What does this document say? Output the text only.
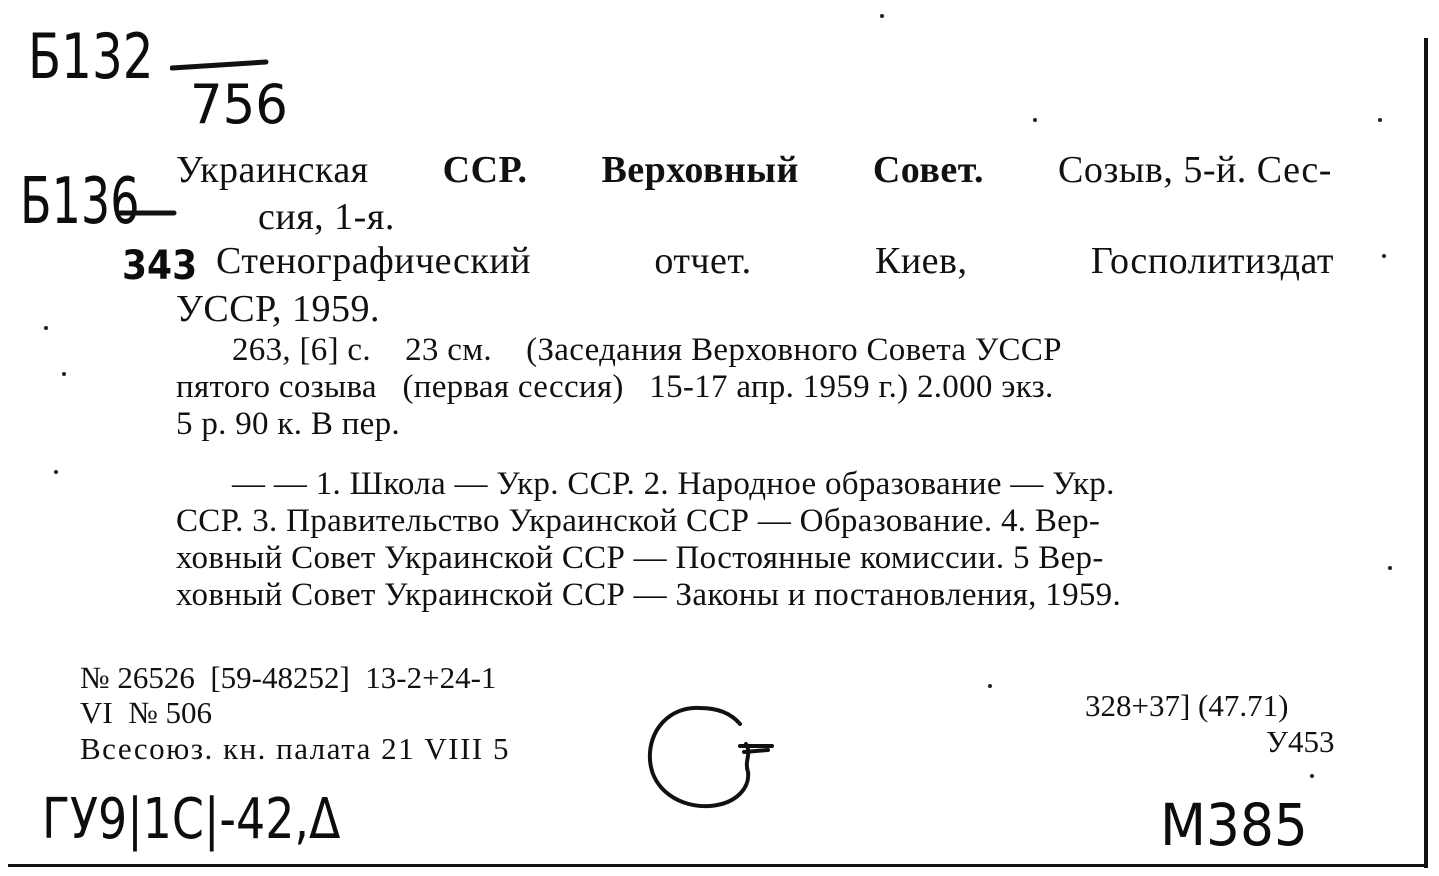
Б132
756
Б136
343
Украинская ССР. Верховный Совет. Созыв, 5-й. Сес-
сия, 1-я.
Стенографический	отчет.	Киев,	Госполитиздат
УССР, 1959.
263, [6] с.    23 см.    (Заседания Верховного Совета УССР
пятого созыва   (первая сессия)   15-17 апр. 1959 г.) 2.000 экз.
5 р. 90 к. В пер.
— — 1. Школа — Укр. ССР. 2. Народное образование — Укр.
ССР. 3. Правительство Украинской ССР — Образование. 4. Вер-
ховный Совет Украинской ССР — Постоянные комиссии. 5 Вер-
ховный Совет Украинской ССР — Законы и постановления, 1959.
№ 26526  [59-48252]  13-2+24-1
VI  № 506
Всесоюз. кн. палата 21 VIII 5
328+37] (47.71)
У453
ГУ9|1С|-42,Δ	М385
